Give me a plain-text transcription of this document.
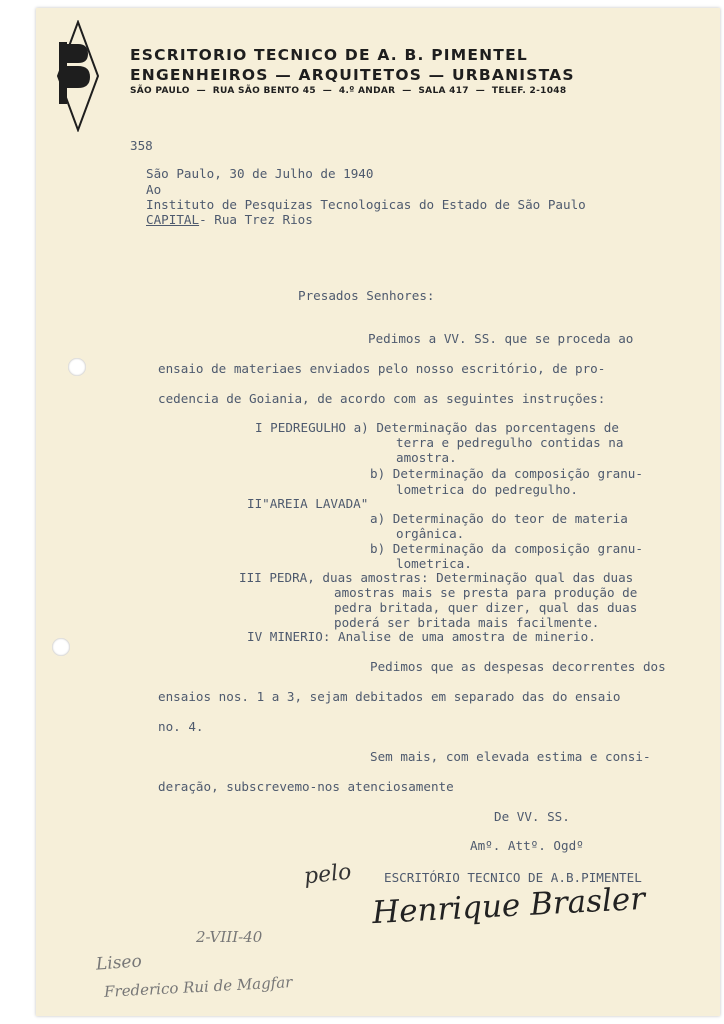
ESCRITORIO TECNICO DE A. B. PIMENTEL
ENGENHEIROS — ARQUITETOS — URBANISTAS
SÃO PAULO  —  RUA SÃO BENTO 45  —  4.º ANDAR  —  SALA 417  —  TELEF. 2-1048
358
São Paulo, 30 de Julho de 1940
Ao
Instituto de Pesquizas Tecnologicas do Estado de São Paulo
CAPITAL- Rua Trez Rios
Presados Senhores:
Pedimos a VV. SS. que se proceda ao
ensaio de materiaes enviados pelo nosso escritório, de pro-
cedencia de Goiania, de acordo com as seguintes instruções:
I PEDREGULHO a) Determinação das porcentagens de
terra e pedregulho contidas na
amostra.
b) Determinação da composição granu-
lometrica do pedregulho.
II"AREIA LAVADA"
a) Determinação do teor de materia
orgânica.
b) Determinação da composição granu-
lometrica.
III PEDRA, duas amostras: Determinação qual das duas
amostras mais se presta para produção de
pedra britada, quer dizer, qual das duas
poderá ser britada mais facilmente.
IV MINERIO: Analise de uma amostra de minerio.
Pedimos que as despesas decorrentes dos
ensaios nos. 1 a 3, sejam debitados em separado das do ensaio
no. 4.
Sem mais, com elevada estima e consi-
deração, subscrevemo-nos atenciosamente
De VV. SS.
Amº. Attº. Ogdº
pelo ESCRITÓRIO TECNICO DE A.B.PIMENTEL
Henrique Brasler
2-VIII-40
Liseo
Frederico Rui de Magfar
